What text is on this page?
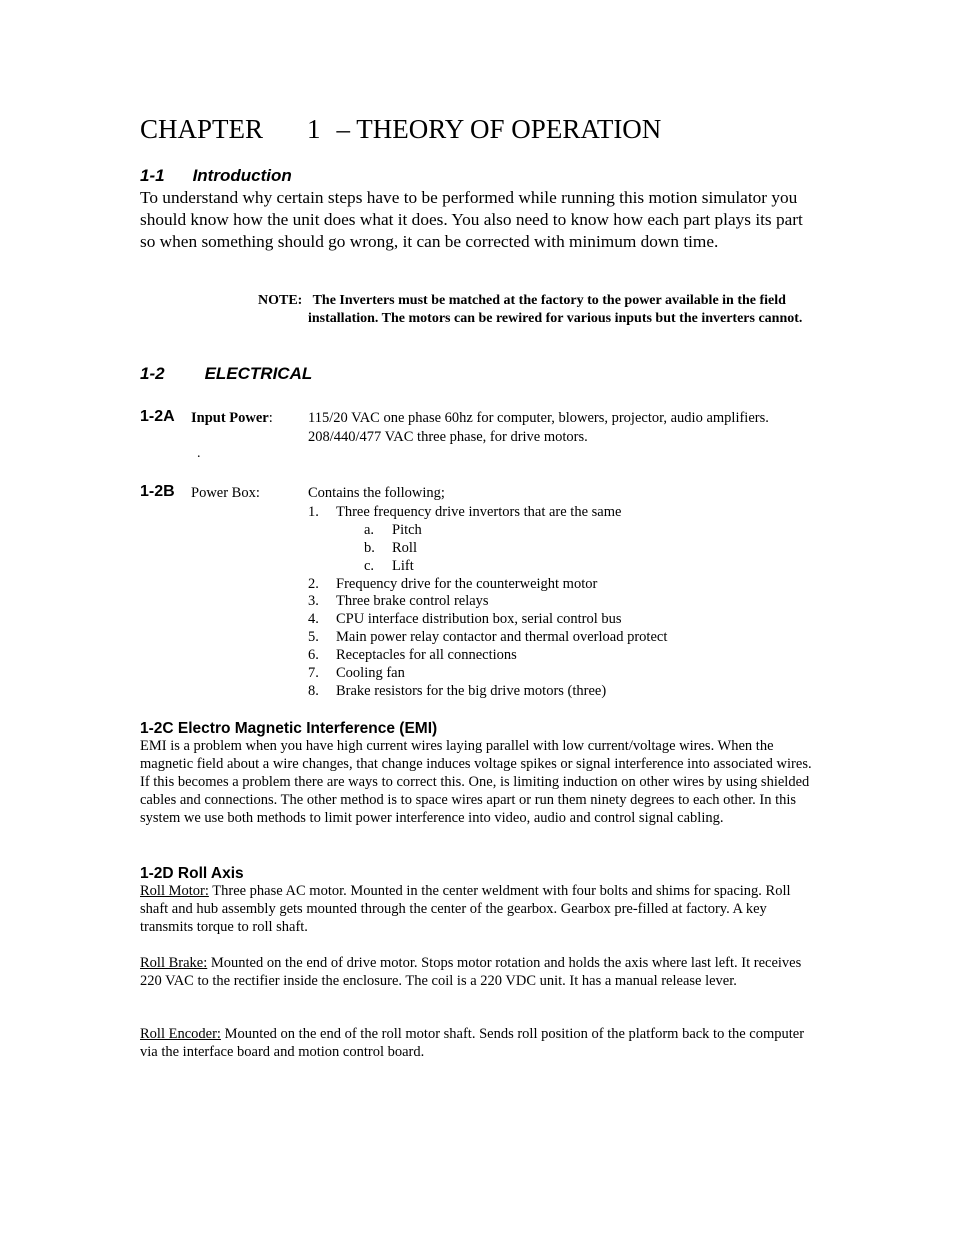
CHAPTER 1 – THEORY OF OPERATION
1-1 Introduction
To understand why certain steps have to be performed while running this motion simulator you should know how the unit does what it does. You also need to know how each part plays its part so when something should go wrong, it can be corrected with minimum down time.
NOTE: The Inverters must be matched at the factory to the power available in the field installation. The motors can be rewired for various inputs but the inverters cannot.
1-2 ELECTRICAL
1-2A Input Power: 115/20 VAC one phase 60hz for computer, blowers, projector, audio amplifiers.
208/440/477 VAC three phase, for drive motors.
.
1-2B Power Box:	Contains the following;
1. Three frequency drive invertors that are the same
a. Pitch
b. Roll
c. Lift
2. Frequency drive for the counterweight motor
3. Three brake control relays
4. CPU interface distribution box, serial control bus
5. Main power relay contactor and thermal overload protect
6. Receptacles for all connections
7. Cooling fan
8. Brake resistors for the big drive motors (three)
1-2C Electro Magnetic Interference (EMI)
EMI is a problem when you have high current wires laying parallel with low current/voltage wires. When the magnetic field about a wire changes, that change induces voltage spikes or signal interference into associated wires. If this becomes a problem there are ways to correct this. One, is limiting induction on other wires by using shielded cables and connections. The other method is to space wires apart or run them ninety degrees to each other. In this system we use both methods to limit power interference into video, audio and control signal cabling.
1-2D Roll Axis
Roll Motor: Three phase AC motor. Mounted in the center weldment with four bolts and shims for spacing. Roll shaft and hub assembly gets mounted through the center of the gearbox. Gearbox pre-filled at factory. A key transmits torque to roll shaft.
Roll Brake: Mounted on the end of drive motor. Stops motor rotation and holds the axis where last left. It receives 220 VAC to the rectifier inside the enclosure. The coil is a 220 VDC unit. It has a manual release lever.
Roll Encoder: Mounted on the end of the roll motor shaft. Sends roll position of the platform back to the computer via the interface board and motion control board.
